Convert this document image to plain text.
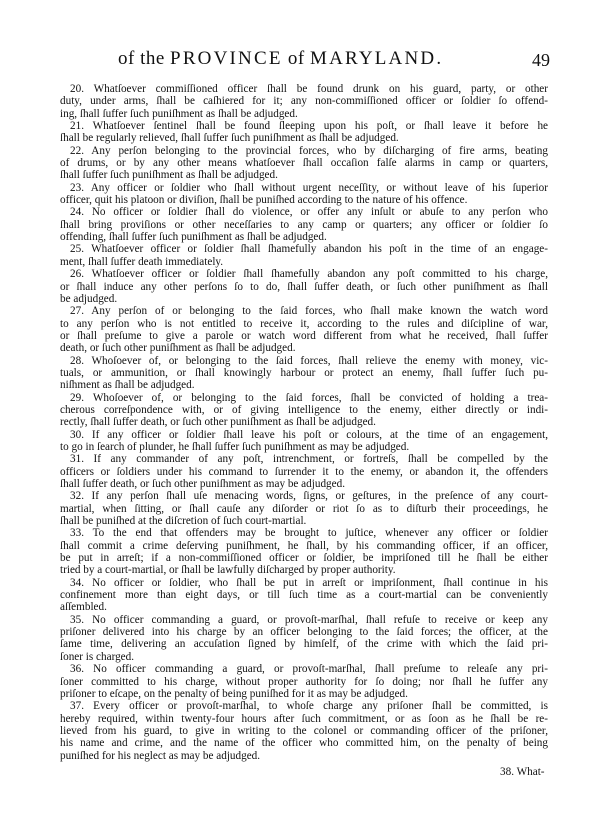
of the PROVINCE of MARYLAND.	49
20. Whatſoever commiſſioned officer ſhall be found drunk on his guard, party, or other
duty, under arms, ſhall be caſhiered for it; any non-commiſſioned officer or ſoldier ſo offend-
ing, ſhall ſuffer ſuch puniſhment as ſhall be adjudged.
21. Whatſoever ſentinel ſhall be found ſleeping upon his poſt, or ſhall leave it before he
ſhall be regularly relieved, ſhall ſuffer ſuch puniſhment as ſhall be adjudged.
22. Any perſon belonging to the provincial forces, who by diſcharging of fire arms, beating
of drums, or by any other means whatſoever ſhall occaſion falſe alarms in camp or quarters,
ſhall ſuffer ſuch puniſhment as ſhall be adjudged.
23. Any officer or ſoldier who ſhall without urgent neceſſity, or without leave of his ſuperior
officer, quit his platoon or diviſion, ſhall be puniſhed according to the nature of his offence.
24. No officer or ſoldier ſhall do violence, or offer any inſult or abuſe to any perſon who
ſhall bring proviſions or other neceſſaries to any camp or quarters; any officer or ſoldier ſo
offending, ſhall ſuffer ſuch puniſhment as ſhall be adjudged.
25. Whatſoever officer or ſoldier ſhall ſhamefully abandon his poſt in the time of an engage-
ment, ſhall ſuffer death immediately.
26. Whatſoever officer or ſoldier ſhall ſhamefully abandon any poſt committed to his charge,
or ſhall induce any other perſons ſo to do, ſhall ſuffer death, or ſuch other puniſhment as ſhall
be adjudged.
27. Any perſon of or belonging to the ſaid forces, who ſhall make known the watch word
to any perſon who is not entitled to receive it, according to the rules and diſcipline of war,
or ſhall preſume to give a parole or watch word different from what he received, ſhall ſuffer
death, or ſuch other puniſhment as ſhall be adjudged.
28. Whoſoever of, or belonging to the ſaid forces, ſhall relieve the enemy with money, vic-
tuals, or ammunition, or ſhall knowingly harbour or protect an enemy, ſhall ſuffer ſuch pu-
niſhment as ſhall be adjudged.
29. Whoſoever of, or belonging to the ſaid forces, ſhall be convicted of holding a trea-
cherous correſpondence with, or of giving intelligence to the enemy, either directly or indi-
rectly, ſhall ſuffer death, or ſuch other puniſhment as ſhall be adjudged.
30. If any officer or ſoldier ſhall leave his poſt or colours, at the time of an engagement,
to go in ſearch of plunder, he ſhall ſuffer ſuch puniſhment as may be adjudged.
31. If any commander of any poſt, intrenchment, or fortreſs, ſhall be compelled by the
officers or ſoldiers under his command to ſurrender it to the enemy, or abandon it, the offenders
ſhall ſuffer death, or ſuch other puniſhment as may be adjudged.
32. If any perſon ſhall uſe menacing words, ſigns, or geſtures, in the preſence of any court-
martial, when ſitting, or ſhall cauſe any diſorder or riot ſo as to diſturb their proceedings, he
ſhall be puniſhed at the diſcretion of ſuch court-martial.
33. To the end that offenders may be brought to juſtice, whenever any officer or ſoldier
ſhall commit a crime deſerving puniſhment, he ſhall, by his commanding officer, if an officer,
be put in arreſt; if a non-commiſſioned officer or ſoldier, be impriſoned till he ſhall be either
tried by a court-martial, or ſhall be lawfully diſcharged by proper authority.
34. No officer or ſoldier, who ſhall be put in arreſt or impriſonment, ſhall continue in his
confinement more than eight days, or till ſuch time as a court-martial can be conveniently
aſſembled.
35. No officer commanding a guard, or provoſt-marſhal, ſhall refuſe to receive or keep any
priſoner delivered into his charge by an officer belonging to the ſaid forces; the officer, at the
ſame time, delivering an accuſation ſigned by himſelf, of the crime with which the ſaid pri-
ſoner is charged.
36. No officer commanding a guard, or provoſt-marſhal, ſhall preſume to releaſe any pri-
ſoner committed to his charge, without proper authority for ſo doing; nor ſhall he ſuffer any
priſoner to eſcape, on the penalty of being puniſhed for it as may be adjudged.
37. Every officer or provoſt-marſhal, to whoſe charge any priſoner ſhall be committed, is
hereby required, within twenty-four hours after ſuch commitment, or as ſoon as he ſhall be re-
lieved from his guard, to give in writing to the colonel or commanding officer of the priſoner,
his name and crime, and the name of the officer who committed him, on the penalty of being
puniſhed for his neglect as may be adjudged.
38. What-
